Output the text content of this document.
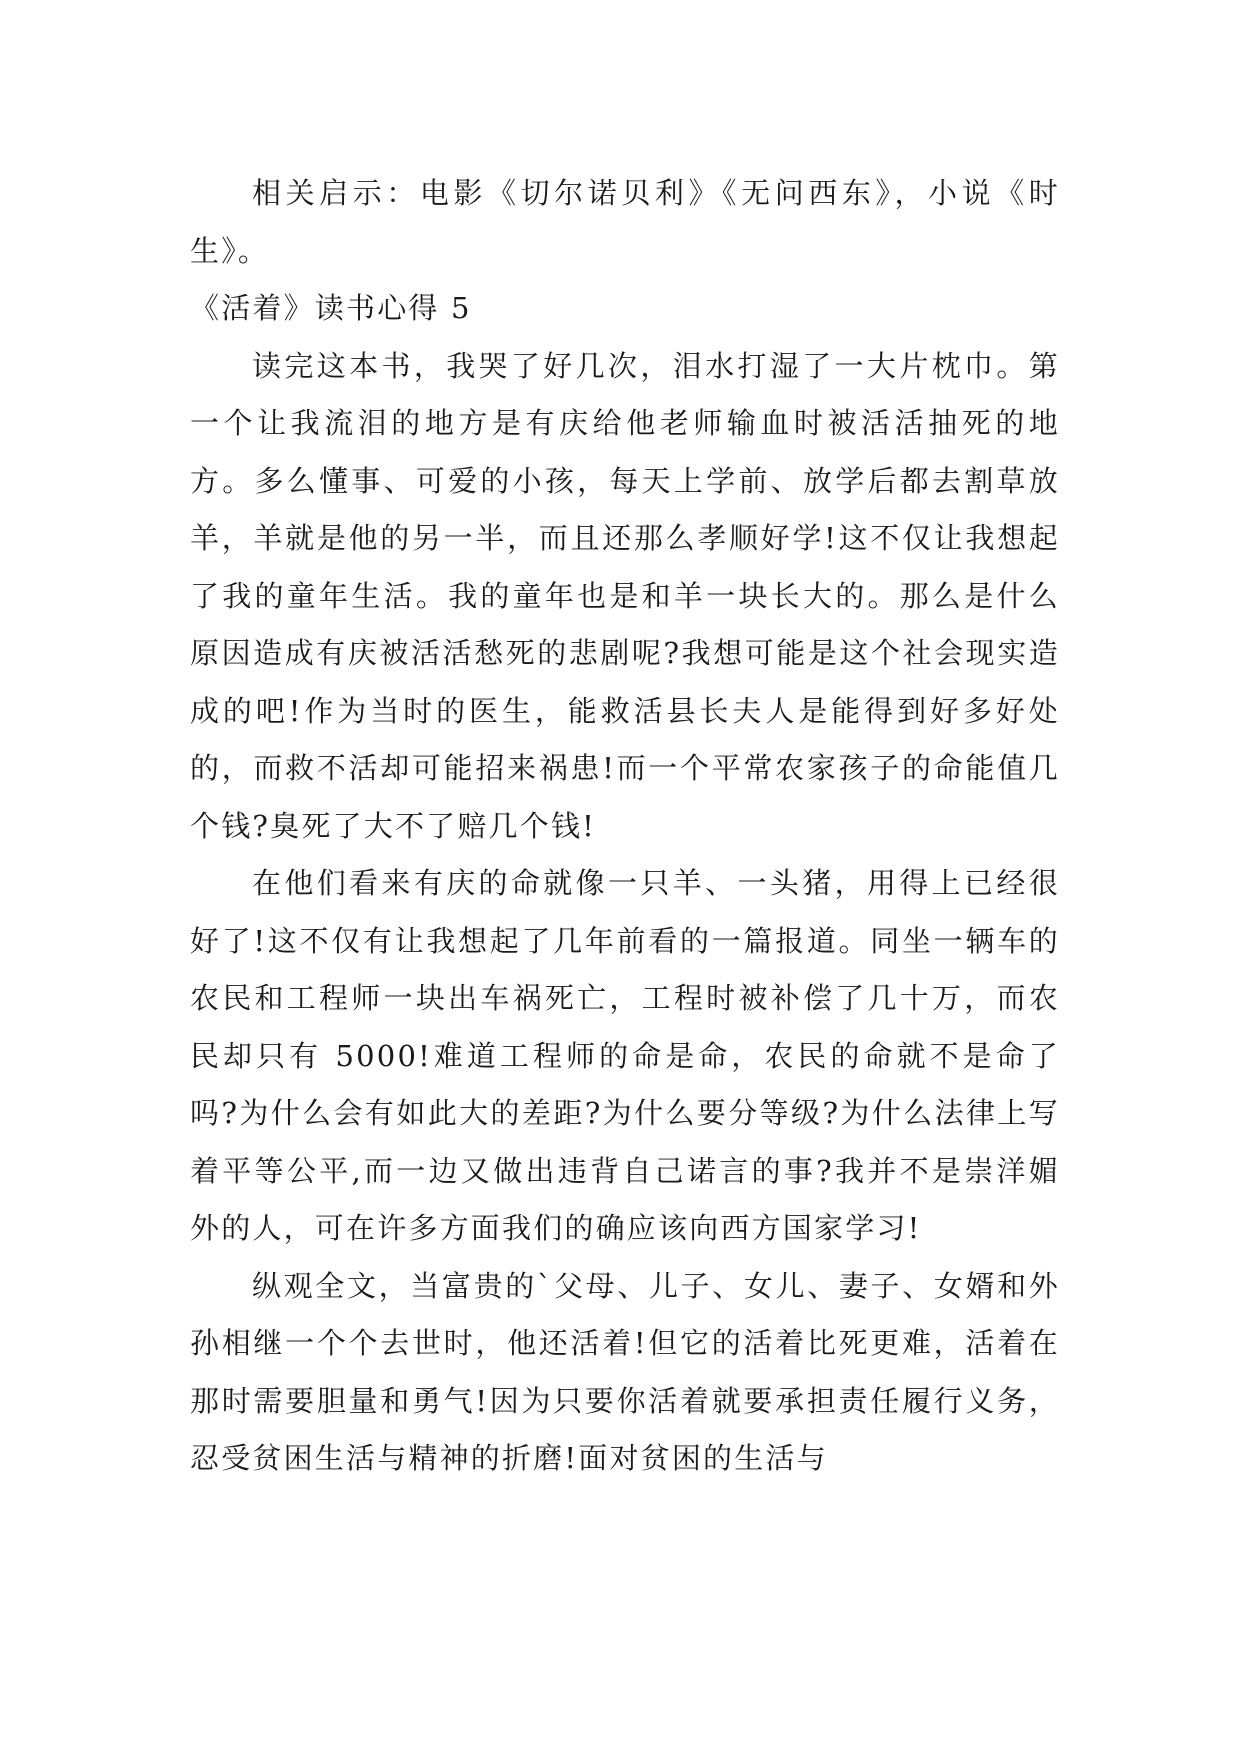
相关启示：电影《切尔诺贝利》《无问西东》，小说《时生》。

《活着》读书心得 5

读完这本书，我哭了好几次，泪水打湿了一大片枕巾。第一个让我流泪的地方是有庆给他老师输血时被活活抽死的地方。多么懂事、可爱的小孩，每天上学前、放学后都去割草放羊，羊就是他的另一半，而且还那么孝顺好学!这不仅让我想起了我的童年生活。我的童年也是和羊一块长大的。那么是什么原因造成有庆被活活愁死的悲剧呢?我想可能是这个社会现实造成的吧!作为当时的医生，能救活县长夫人是能得到好多好处的，而救不活却可能招来祸患!而一个平常农家孩子的命能值几个钱?臭死了大不了赔几个钱!

在他们看来有庆的命就像一只羊、一头猪，用得上已经很好了!这不仅有让我想起了几年前看的一篇报道。同坐一辆车的农民和工程师一块出车祸死亡，工程时被补偿了几十万，而农民却只有 5000!难道工程师的命是命，农民的命就不是命了吗?为什么会有如此大的差距?为什么要分等级?为什么法律上写着平等公平,而一边又做出违背自己诺言的事?我并不是崇洋媚外的人，可在许多方面我们的确应该向西方国家学习!

纵观全文，当富贵的`父母、儿子、女儿、妻子、女婿和外孙相继一个个去世时，他还活着!但它的活着比死更难，活着在那时需要胆量和勇气!因为只要你活着就要承担责任履行义务，忍受贫困生活与精神的折磨!面对贫困的生活与
